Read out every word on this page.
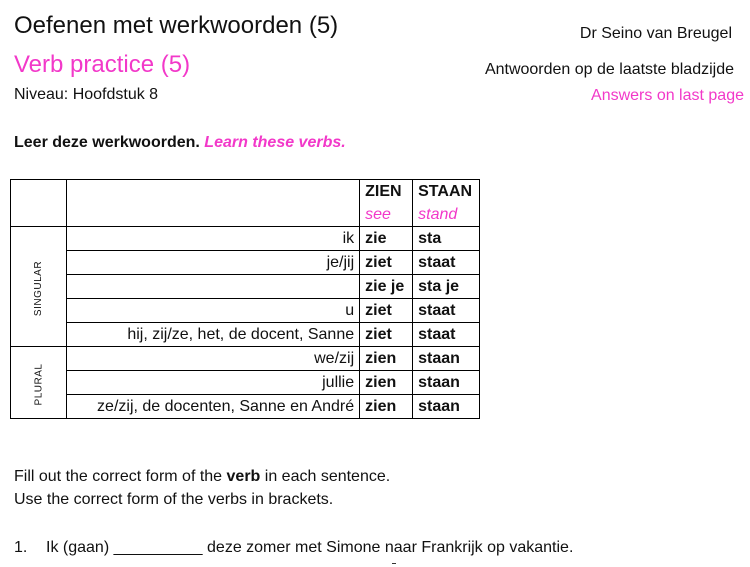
Oefenen met werkwoorden (5)
Verb practice (5)
Niveau: Hoofdstuk 8
Dr Seino van Breugel
Antwoorden op de laatste bladzijde
Answers on last page
Leer deze werkwoorden. Learn these verbs.
		ZIEN	STAAN
		see	stand
SINGULAR	ik	zie	sta
	je/jij	ziet	staat
		zie je	sta je
	u	ziet	staat
	hij, zij/ze, het, de docent, Sanne	ziet	staat
PLURAL	we/zij	zien	staan
	jullie	zien	staan
	ze/zij, de docenten, Sanne en André	zien	staan
Fill out the correct form of the verb in each sentence.
Use the correct form of the verbs in brackets.
1. Ik (gaan) __________ deze zomer met Simone naar Frankrijk op vakantie.
